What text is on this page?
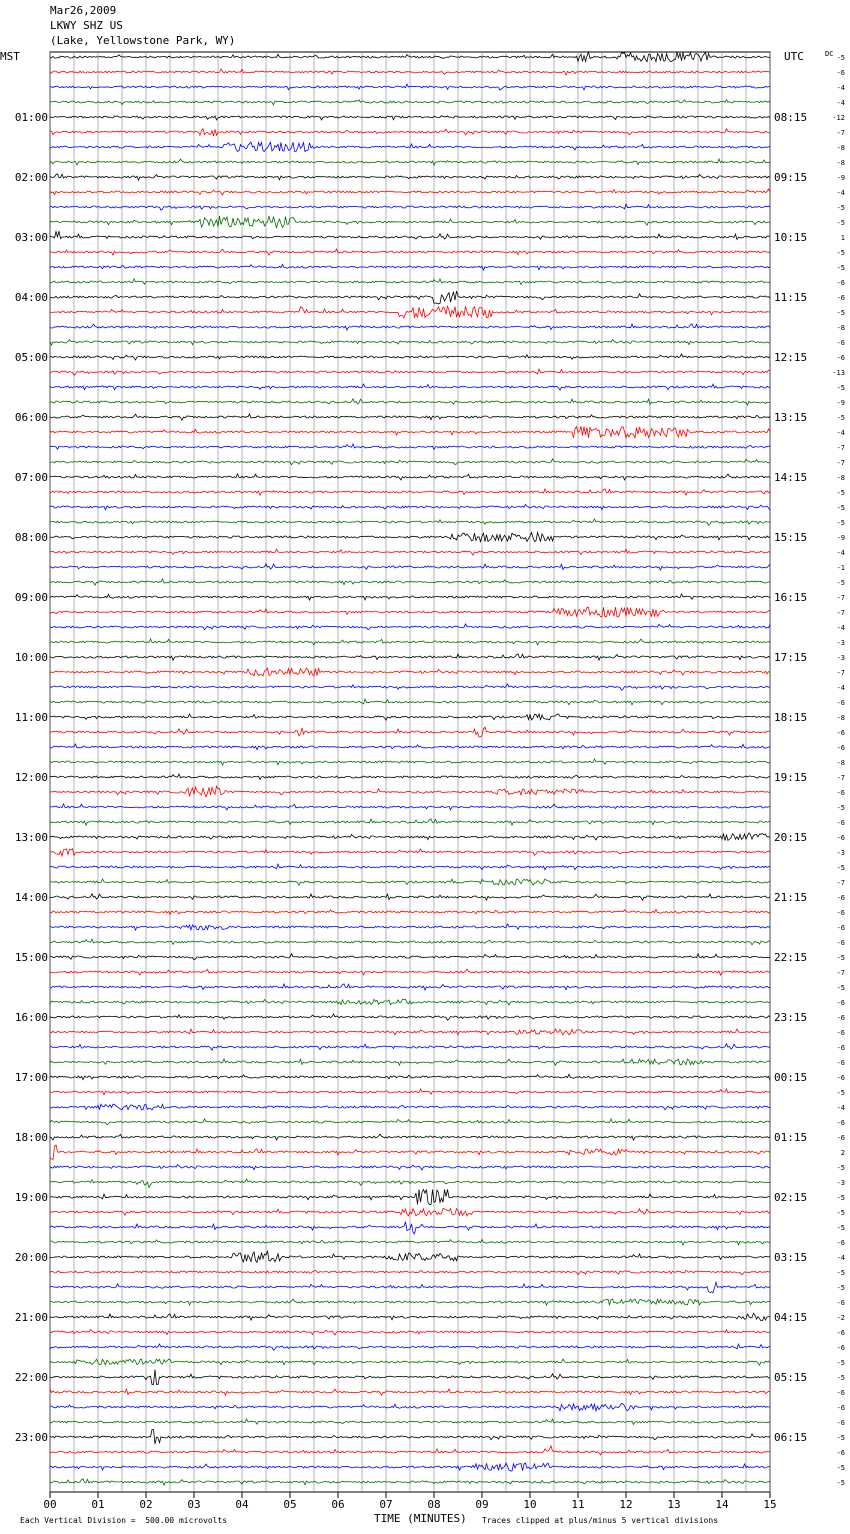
Mar26,2009
LKWY SHZ US
(Lake, Yellowstone Park, WY)
MST	UTC	DC
00	01	02	03	04	05	06	07	08	09	10	11	12	13	14	15
-5
-6
-4
-4
-12
-7
-8
-8
-9
-4
-5
-5
1
-5
-5
-6
-6
-5
-8
-6
-6
-13
-5
-9
-5
-4
-7
-7
-8
-5
-5
-5
-9
-4
-1
-5
-7
-7
-4
-3
-3
-7
-4
-6
-8
-6
-6
-8
-7
-6
-5
-6
-6
-3
-5
-7
-6
-6
-6
-6
-5
-7
-5
-6
-6
-6
-6
-6
-6
-5
-4
-6
-6
2
-5
-3
-5
-5
-5
-6
-4
-5
-5
-6
-2
-6
-6
-5
-5
-6
-6
-6
-5
-6
-5
-5
01:00	08:15
02:00	09:15
03:00	10:15
04:00	11:15
05:00	12:15
06:00	13:15
07:00	14:15
08:00	15:15
09:00	16:15
10:00	17:15
11:00	18:15
12:00	19:15
13:00	20:15
14:00	21:15
15:00	22:15
16:00	23:15
17:00	00:15
18:00	01:15
19:00	02:15
20:00	03:15
21:00	04:15
22:00	05:15
23:00	06:15
Each Vertical Division =  500.00 microvolts	TIME (MINUTES) Traces clipped at plus/minus 5 vertical divisions
